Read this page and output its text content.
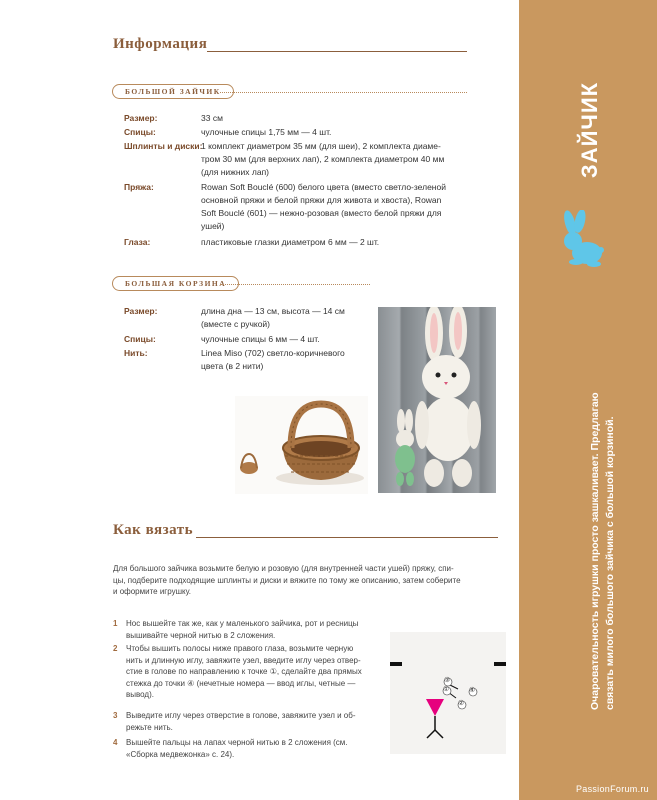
Информация
БОЛЬШОЙ ЗАЙЧИК
Размер:	33 см
Спицы:	чулочные спицы 1,75 мм — 4 шт.
Шплинты и диски:
1 комплект диаметром 35 мм (для шеи), 2 комплекта диаме-
тром 30 мм (для верхних лап), 2 комплекта диаметром 40 мм
(для нижних лап)
Пряжа:	Rowan Soft Bouclé (600) белого цвета (вместо светло-зеленой
основной пряжи и белой пряжи для живота и хвоста), Rowan
Soft Bouclé (601) — нежно-розовая (вместо белой пряжи для
ушей)
Глаза:	пластиковые глазки диаметром 6 мм — 2 шт.
БОЛЬШАЯ КОРЗИНА
Размер:	длина дна — 13 см, высота — 14 см
(вместе с ручкой)
Спицы:	чулочные спицы 6 мм — 4 шт.
Нить:	Linea Miso (702) светло-коричневого
цвета (в 2 нити)
Как вязать
Для большого зайчика возьмите белую и розовую (для внутренней части ушей) пряжу, спи-
цы, подберите подходящие шплинты и диски и вяжите по тому же описанию, затем соберите
и оформите игрушку.
1 Нос вышейте так же, как у маленького зайчика, рот и ресницы
вышивайте черной нитью в 2 сложения.
2 Чтобы вышить полосы ниже правого глаза, возьмите черную
нить и длинную иглу, завяжите узел, введите иглу через отвер-
стие в голове по направлению к точке ①, сделайте два прямых
стежка до точки ④ (нечетные номера — ввод иглы, четные —
вывод).
3 Выведите иглу через отверстие в голове, завяжите узел и об-
режьте нить.
4 Вышейте пальцы на лапах черной нитью в 2 сложения (см.
«Сборка медвежонка» с. 24).
③
①	④
②
ЗАЙЧИК
Очаровательность игрушки просто зашкаливает. Предлагаю связать милого большого зайчика с большой корзиной.
PassionForum.ru
